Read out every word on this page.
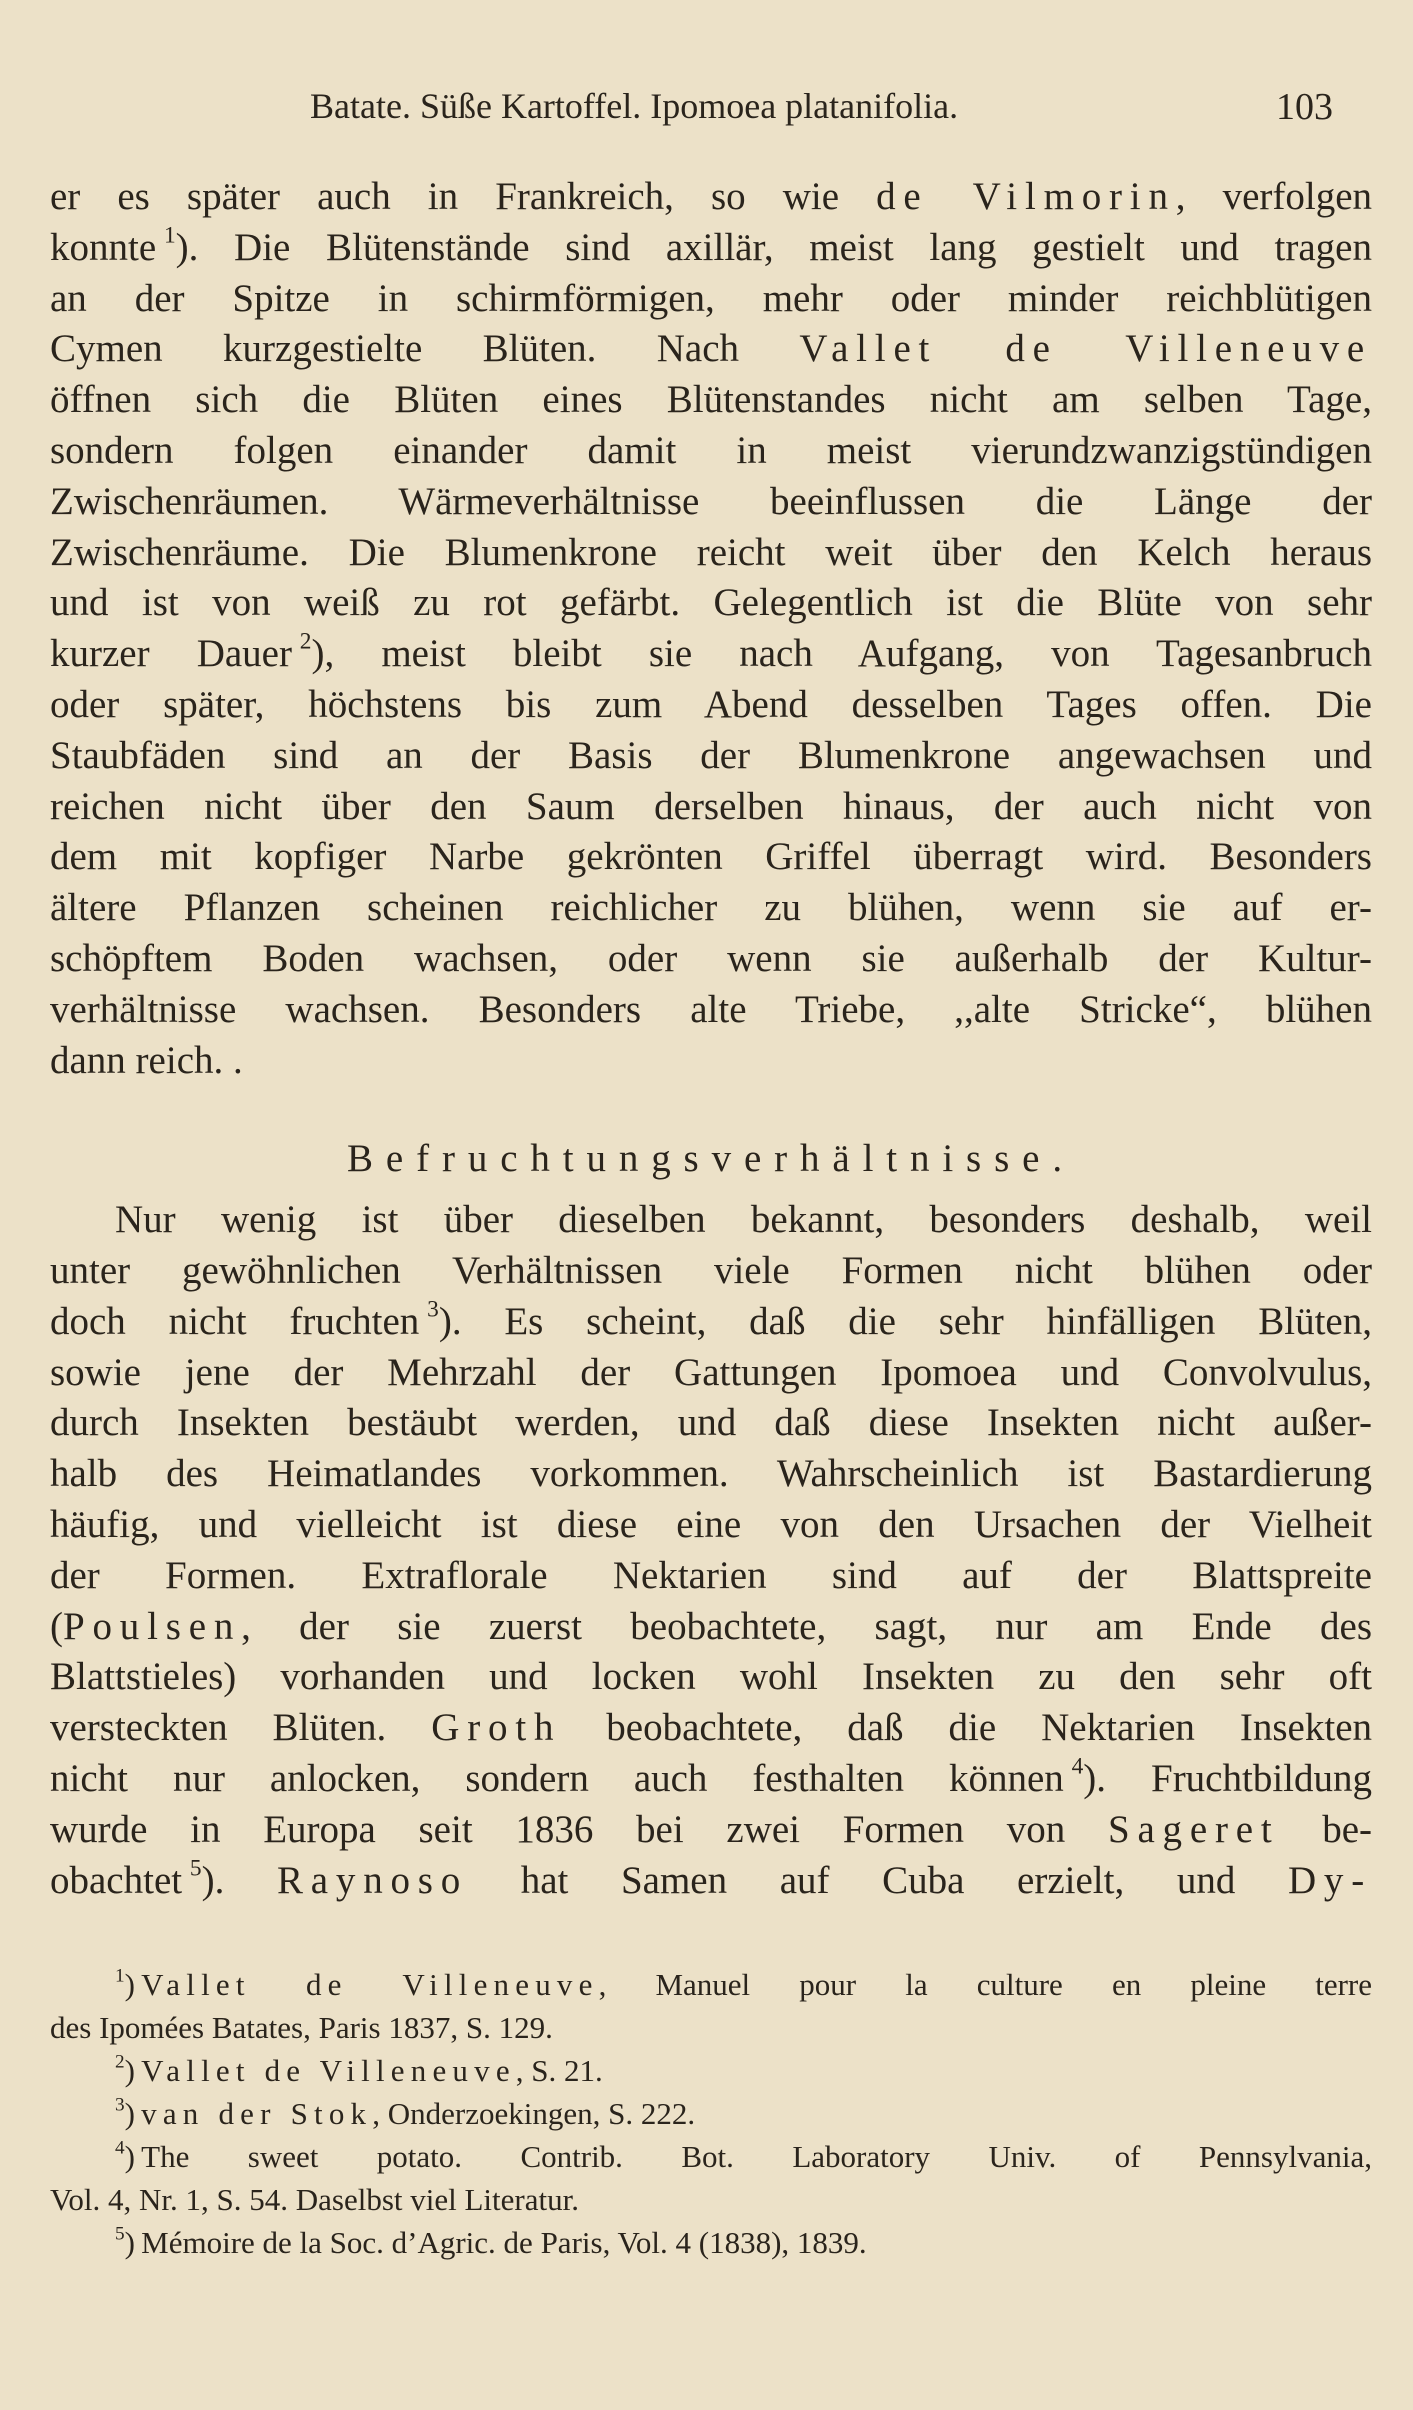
Batate. Süße Kartoffel. Ipomoea platanifolia.	103
er es später auch in Frankreich, so wie de Vilmorin, verfolgen
konnte  $^1$). Die Blütenstände sind axillär, meist lang gestielt und tragen
an der Spitze in schirmförmigen, mehr oder minder reichblütigen
Cymen kurzgestielte Blüten. Nach Vallet de Villeneuve
öffnen sich die Blüten eines Blütenstandes nicht am selben Tage,
sondern folgen einander damit in meist vierundzwanzigstündigen
Zwischenräumen. Wärmeverhältnisse beeinflussen die Länge der
Zwischenräume. Die Blumenkrone reicht weit über den Kelch heraus
und ist von weiß zu rot gefärbt. Gelegentlich ist die Blüte von sehr
kurzer Dauer  $^2$), meist bleibt sie nach Aufgang, von Tagesanbruch
oder später, höchstens bis zum Abend desselben Tages offen. Die
Staubfäden sind an der Basis der Blumenkrone angewachsen und
reichen nicht über den Saum derselben hinaus, der auch nicht von
dem mit kopfiger Narbe gekrönten Griffel überragt wird. Besonders
ältere Pflanzen scheinen reichlicher zu blühen, wenn sie auf er-
schöpftem Boden wachsen, oder wenn sie außerhalb der Kultur-
verhältnisse wachsen. Besonders alte Triebe, ,,alte Stricke“, blühen
dann reich. .
Befruchtungsverhältnisse.
Nur wenig ist über dieselben bekannt, besonders deshalb, weil
unter gewöhnlichen Verhältnissen viele Formen nicht blühen oder
doch nicht fruchten  $^3$). Es scheint, daß die sehr hinfälligen Blüten,
sowie jene der Mehrzahl der Gattungen Ipomoea und Convolvulus,
durch Insekten bestäubt werden, und daß diese Insekten nicht außer-
halb des Heimatlandes vorkommen. Wahrscheinlich ist Bastardierung
häufig, und vielleicht ist diese eine von den Ursachen der Vielheit
der Formen. Extraflorale Nektarien sind auf der Blattspreite
(Poulsen, der sie zuerst beobachtete, sagt, nur am Ende des
Blattstieles) vorhanden und locken wohl Insekten zu den sehr oft
versteckten Blüten. Groth beobachtete, daß die Nektarien Insekten
nicht nur anlocken, sondern auch festhalten können  $^4$). Fruchtbildung
wurde in Europa seit 1836 bei zwei Formen von Sageret be-
obachtet  $^5$). Raynoso hat Samen auf Cuba erzielt, und Dy-
$^1$) Vallet de Villeneuve, Manuel pour la culture en pleine terre
des Ipomées Batates, Paris 1837, S. 129.
$^2$) Vallet de Villeneuve, S. 21.
$^3$) van der Stok, Onderzoekingen, S. 222.
$^4$) The sweet potato. Contrib. Bot. Laboratory Univ. of Pennsylvania,
Vol. 4, Nr. 1, S. 54. Daselbst viel Literatur.
$^5$) Mémoire de la Soc. d’Agric. de Paris, Vol. 4 (1838), 1839.
